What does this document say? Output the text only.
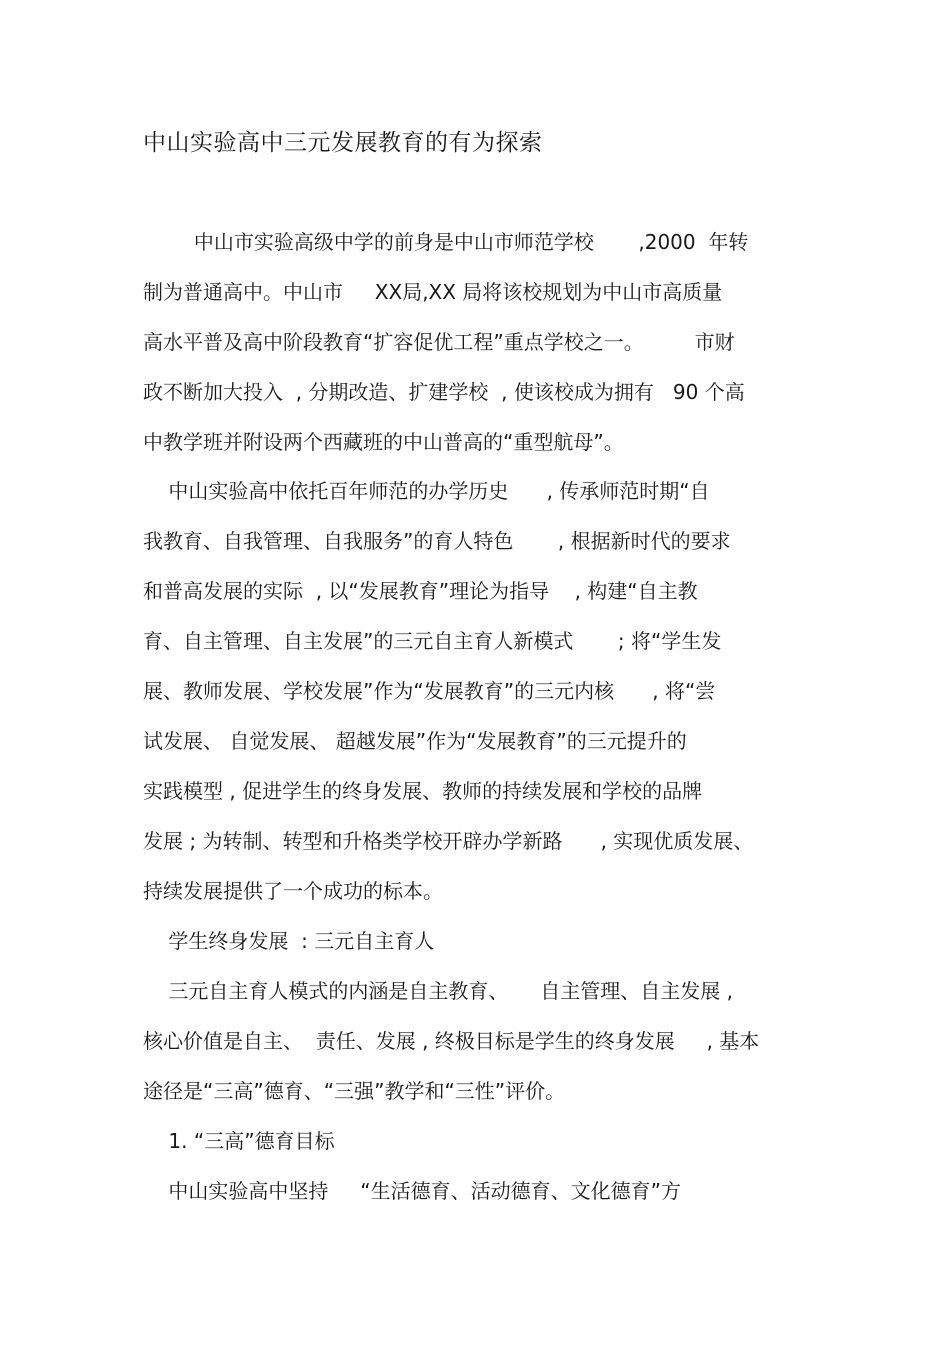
中山实验高中三元发展教育的有为探索
中山市实验高级中学的前身是中山市师范学校       ,2000  年转
制为普通高中。中山市     XX局,XX 局将该校规划为中山市高质量
高水平普及高中阶段教育“扩容促优工程”重点学校之一。        市财
政不断加大投入  , 分期改造、扩建学校  , 使该校成为拥有   90 个高
中教学班并附设两个西藏班的中山普高的“重型航母”。
中山实验高中依托百年师范的办学历史      , 传承师范时期“自
我教育、自我管理、自我服务”的育人特色       , 根据新时代的要求
和普高发展的实际  , 以“发展教育”理论为指导    , 构建“自主教
育、自主管理、自主发展”的三元自主育人新模式       ; 将“学生发
展、教师发展、学校发展”作为“发展教育”的三元内核      , 将“尝
试发展、 自觉发展、 超越发展”作为“发展教育”的三元提升的
实践模型 , 促进学生的终身发展、教师的持续发展和学校的品牌
发展 ; 为转制、转型和升格类学校开辟办学新路      , 实现优质发展、
持续发展提供了一个成功的标本。
学生终身发展  : 三元自主育人
三元自主育人模式的内涵是自主教育、     自主管理、自主发展 ,
核心价值是自主、  责任、发展 , 终极目标是学生的终身发展     , 基本
途径是“三高”德育、“三强”教学和“三性”评价。
1. “三高”德育目标
中山实验高中坚持     “生活德育、活动德育、文化德育”方
